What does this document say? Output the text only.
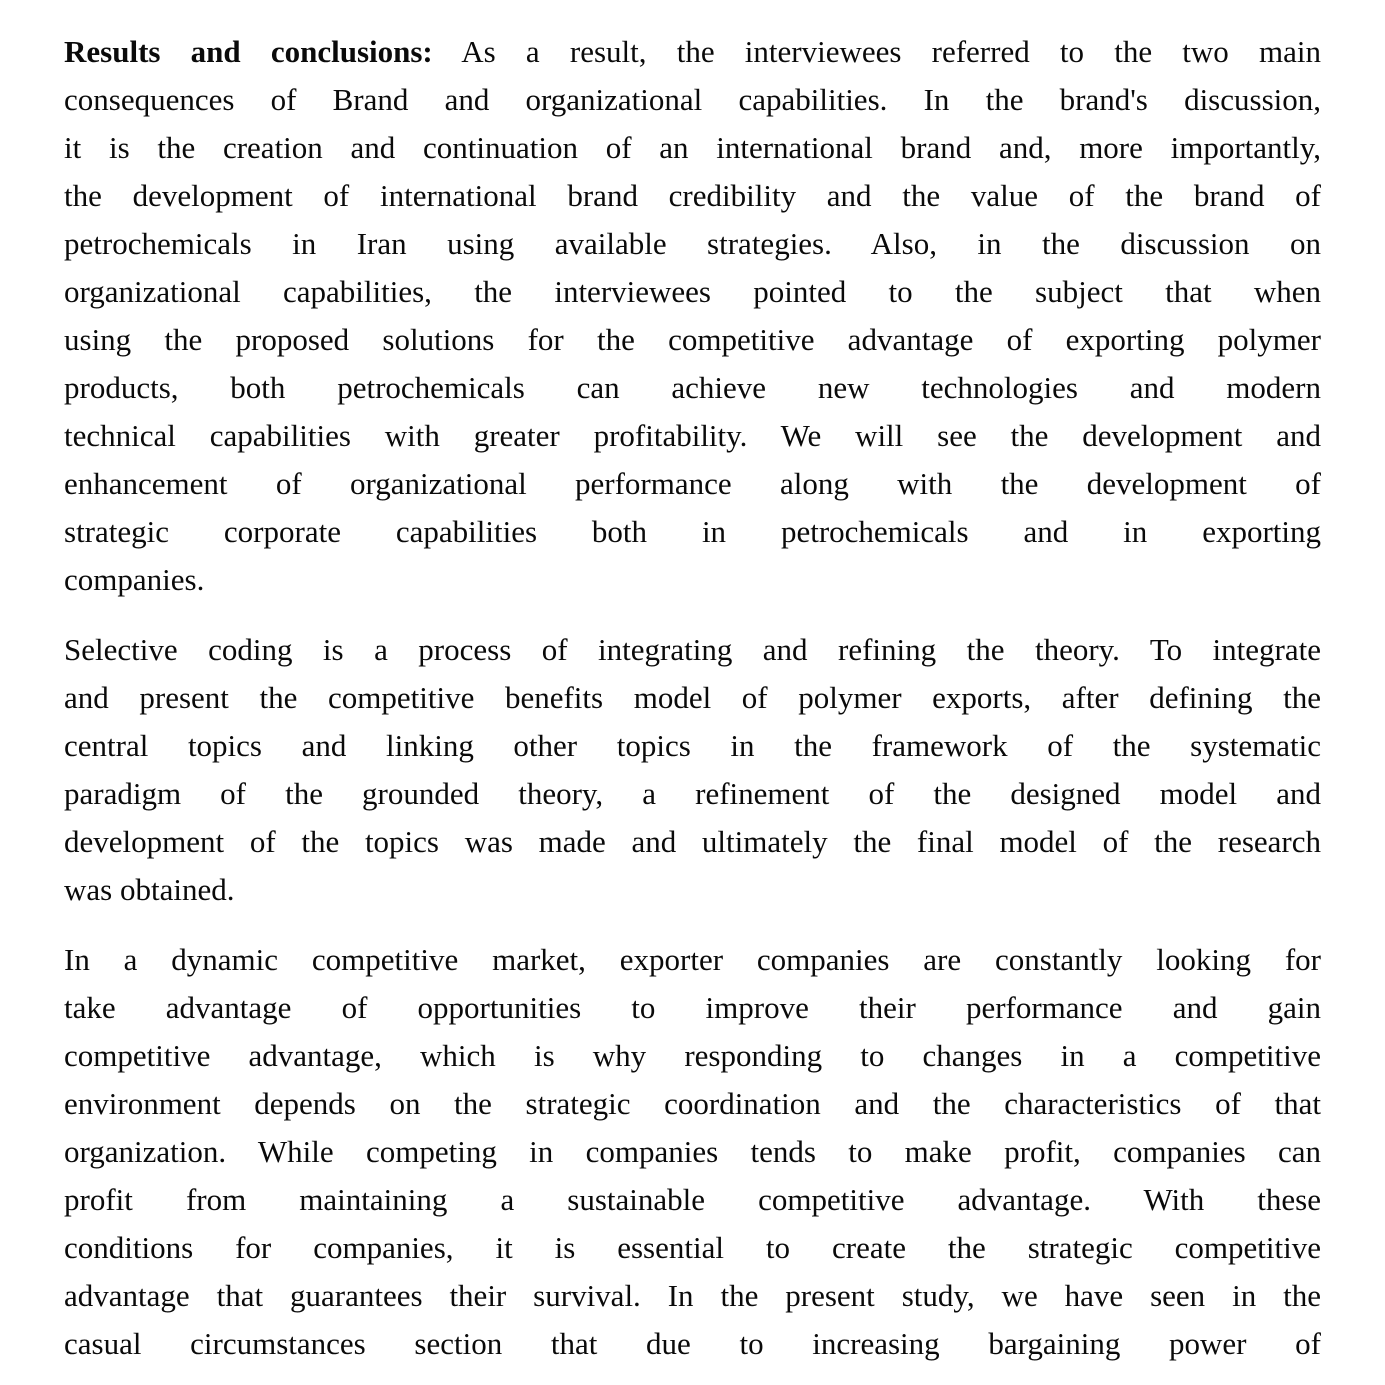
Results and conclusions: As a result, the interviewees referred to the two main
consequences of Brand and organizational capabilities. In the brand's discussion,
it is the creation and continuation of an international brand and, more importantly,
the development of international brand credibility and the value of the brand of
petrochemicals in Iran using available strategies. Also, in the discussion on
organizational capabilities, the interviewees pointed to the subject that when
using the proposed solutions for the competitive advantage of exporting polymer
products, both petrochemicals can achieve new technologies and modern
technical capabilities with greater profitability. We will see the development and
enhancement of organizational performance along with the development of
strategic corporate capabilities both in petrochemicals and in exporting
companies.
Selective coding is a process of integrating and refining the theory. To integrate
and present the competitive benefits model of polymer exports, after defining the
central topics and linking other topics in the framework of the systematic
paradigm of the grounded theory, a refinement of the designed model and
development of the topics was made and ultimately the final model of the research
was obtained.
In a dynamic competitive market, exporter companies are constantly looking for
take advantage of opportunities to improve their performance and gain
competitive advantage, which is why responding to changes in a competitive
environment depends on the strategic coordination and the characteristics of that
organization. While competing in companies tends to make profit, companies can
profit from maintaining a sustainable competitive advantage. With these
conditions for companies, it is essential to create the strategic competitive
advantage that guarantees their survival. In the present study, we have seen in the
casual circumstances section that due to increasing bargaining power of
